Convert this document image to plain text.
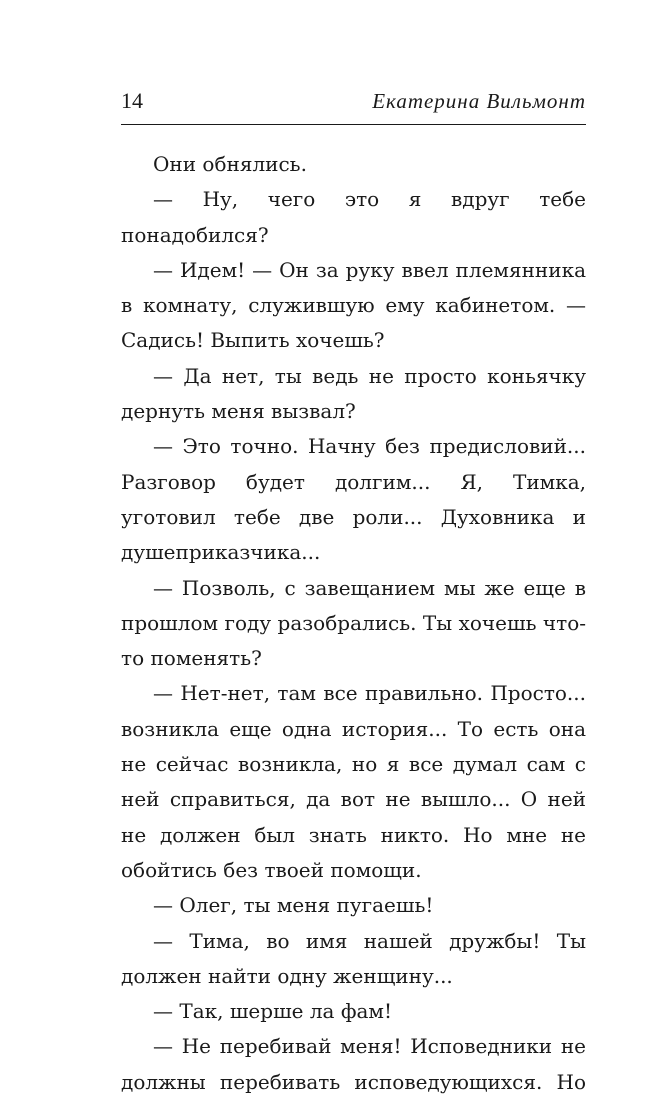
14	Екатерина Вильмонт

Они обнялись.

— Ну, чего это я вдруг тебе понадобился?

— Идем! — Он за руку ввел племянника в комнату, служившую ему кабинетом. — Садись! Выпить хочешь?

— Да нет, ты ведь не просто коньячку дернуть меня вызвал?

— Это точно. Начну без предисловий... Разговор будет долгим... Я, Тимка, уготовил тебе две роли... Духовника и душеприказчика...

— Позволь, с завещанием мы же еще в прошлом году разобрались. Ты хочешь что-то поменять?

— Нет-нет, там все правильно. Просто... возникла еще одна история... То есть она не сейчас возникла, но я все думал сам с ней справиться, да вот не вышло... О ней не должен был знать никто. Но мне не обойтись без твоей помощи.

— Олег, ты меня пугаешь!

— Тима, во имя нашей дружбы! Ты должен найти одну женщину...

— Так, шерше ла фам!

— Не перебивай меня! Исповедники не должны перебивать исповедующихся. Но
